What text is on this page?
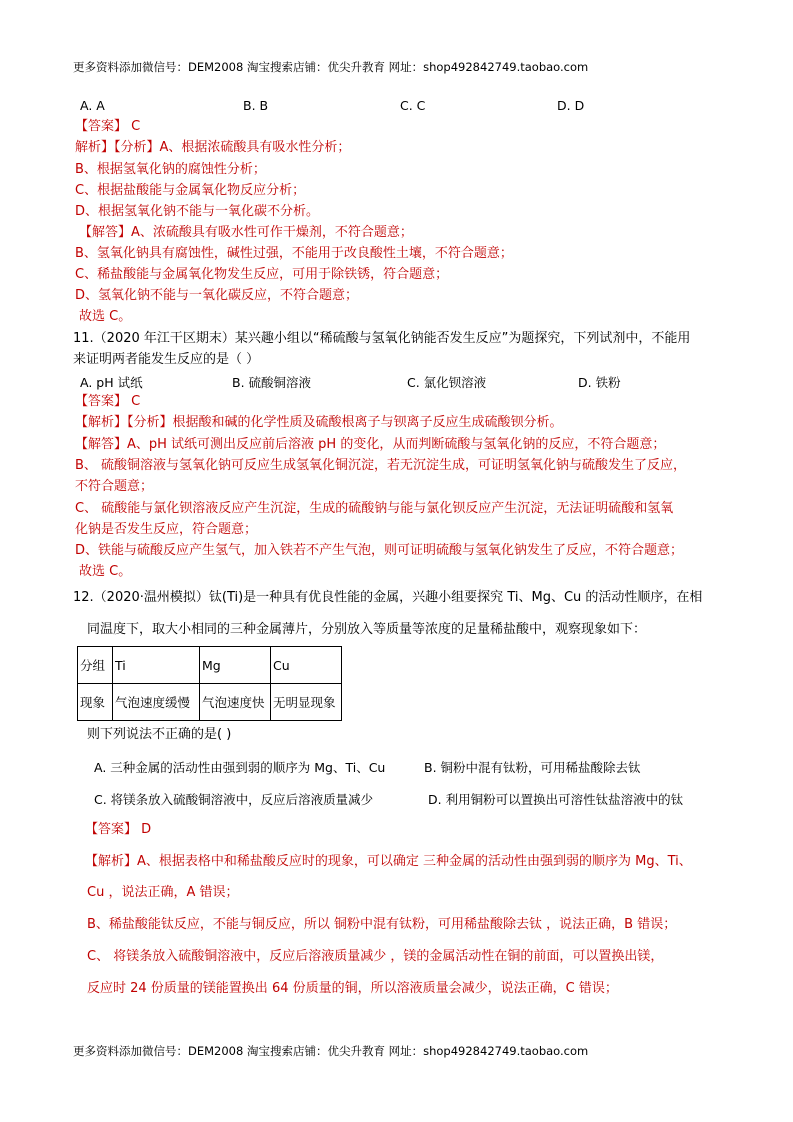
更多资料添加微信号：DEM2008 淘宝搜索店铺：优尖升教育 网址：shop492842749.taobao.com
A. A	B. B	C. C	D. D
【答案】 C
解析】【分析】A、根据浓硫酸具有吸水性分析；
B、根据氢氧化钠的腐蚀性分析；
C、根据盐酸能与金属氧化物反应分析；
D、根据氢氧化钠不能与一氧化碳不分析。
【解答】A、浓硫酸具有吸水性可作干燥剂，不符合题意；
B、氢氧化钠具有腐蚀性，碱性过强，不能用于改良酸性土壤，不符合题意；
C、稀盐酸能与金属氧化物发生反应，可用于除铁锈，符合题意；
D、氢氧化钠不能与一氧化碳反应，不符合题意；
故选 C。
11.（2020 年江干区期末）某兴趣小组以“稀硫酸与氢氧化钠能否发生反应”为题探究，下列试剂中，不能用
来证明两者能发生反应的是（ ）
A. pH 试纸	B. 硫酸铜溶液	C. 氯化钡溶液	D. 铁粉
【答案】 C
【解析】【分析】根据酸和碱的化学性质及硫酸根离子与钡离子反应生成硫酸钡分析。
【解答】A、pH 试纸可测出反应前后溶液 pH 的变化，从而判断硫酸与氢氧化钠的反应，不符合题意；
B、 硫酸铜溶液与氢氧化钠可反应生成氢氧化铜沉淀，若无沉淀生成，可证明氢氧化钠与硫酸发生了反应，
不符合题意；
C、 硫酸能与氯化钡溶液反应产生沉淀，生成的硫酸钠与能与氯化钡反应产生沉淀，无法证明硫酸和氢氧
化钠是否发生反应，符合题意；
D、铁能与硫酸反应产生氢气，加入铁若不产生气泡，则可证明硫酸与氢氧化钠发生了反应，不符合题意；
故选 C。
12.（2020·温州模拟）钛(Ti)是一种具有优良性能的金属，兴趣小组要探究 Ti、Mg、Cu 的活动性顺序，在相
同温度下，取大小相同的三种金属薄片，分别放入等质量等浓度的足量稀盐酸中，观察现象如下：
分组	Ti	Mg	Cu
现象	气泡速度缓慢	气泡速度快	无明显现象
则下列说法不正确的是( )
A. 三种金属的活动性由强到弱的顺序为 Mg、Ti、Cu	B. 铜粉中混有钛粉，可用稀盐酸除去钛
C. 将镁条放入硫酸铜溶液中，反应后溶液质量减少	D. 利用铜粉可以置换出可溶性钛盐溶液中的钛
【答案】 D
【解析】A、根据表格中和稀盐酸反应时的现象，可以确定 三种金属的活动性由强到弱的顺序为 Mg、Ti、
Cu ，说法正确，A 错误；
B、稀盐酸能钛反应，不能与铜反应，所以 铜粉中混有钛粉，可用稀盐酸除去钛 ，说法正确，B 错误；
C、 将镁条放入硫酸铜溶液中，反应后溶液质量减少 ，镁的金属活动性在铜的前面，可以置换出镁，
反应时 24 份质量的镁能置换出 64 份质量的铜，所以溶液质量会减少，说法正确，C 错误；
更多资料添加微信号：DEM2008 淘宝搜索店铺：优尖升教育 网址：shop492842749.taobao.com
